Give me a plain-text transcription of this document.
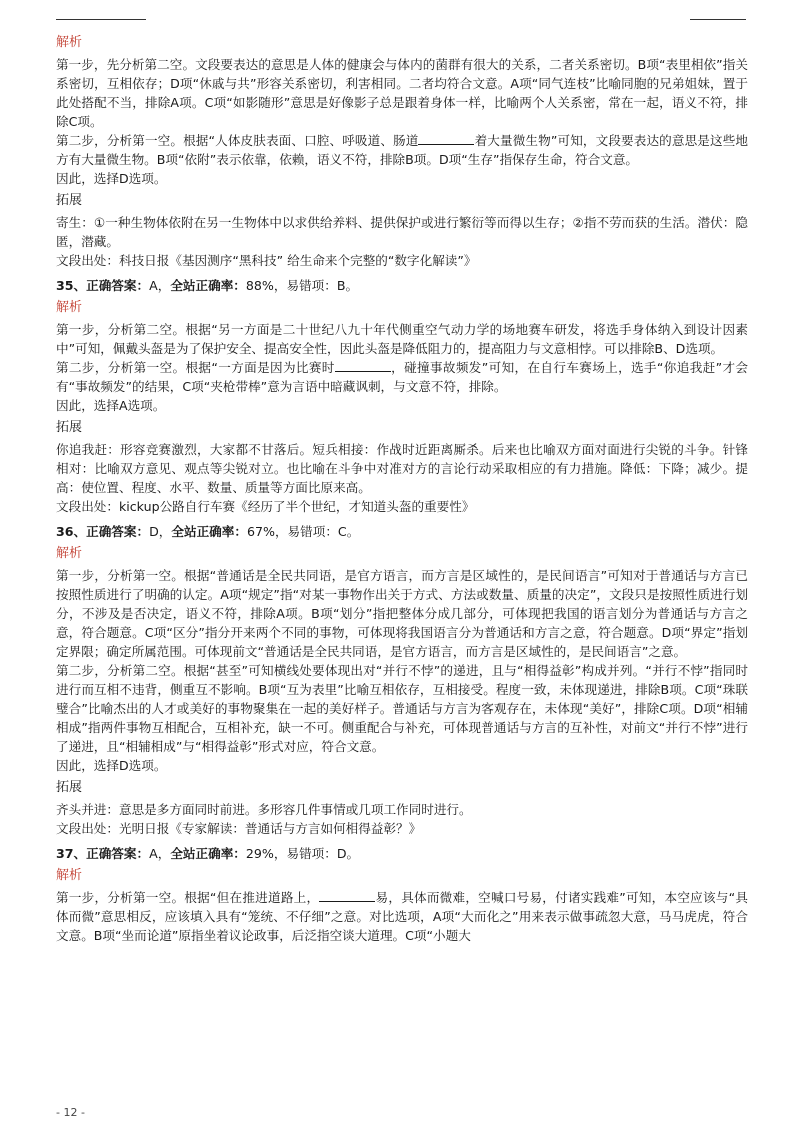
解析

第一步，先分析第二空。文段要表达的意思是人体的健康会与体内的菌群有很大的关系，二者关系密切。B项“表里相依”指关系密切，互相依存；D项“休戚与共”形容关系密切，利害相同。二者均符合文意。A项“同气连枝”比喻同胞的兄弟姐妹，置于此处搭配不当，排除A项。C项“如影随形”意思是好像影子总是跟着身体一样，比喻两个人关系密，常在一起，语义不符，排除C项。

第二步，分析第一空。根据“人体皮肤表面、口腔、呼吸道、肠道	着大量微生物”可知，文段要表达的意思是这些地方有大量微生物。B项“依附”表示依靠，依赖，语义不符，排除B项。D项“生存”指保存生命，符合文意。

因此，选择D选项。

拓展

寄生：①一种生物体依附在另一生物体中以求供给养料、提供保护或进行繁衍等而得以生存；②指不劳而获的生活。潜伏：隐匿，潜藏。

文段出处：科技日报《基因测序“黑科技” 给生命来个完整的“数字化解读”》

35、正确答案：A，全站正确率：88%，易错项：B。
解析

第一步，分析第二空。根据“另一方面是二十世纪八九十年代侧重空气动力学的场地赛车研发，将选手身体纳入到设计因素中”可知，佩戴头盔是为了保护安全、提高安全性，因此头盔是降低阻力的，提高阻力与文意相悖。可以排除B、D选项。

第二步，分析第一空。根据“一方面是因为比赛时	，碰撞事故频发”可知，在自行车赛场上，选手“你追我赶”才会有“事故频发”的结果，C项“夹枪带棒”意为言语中暗藏讽刺，与文意不符，排除。

因此，选择A选项。

拓展

你追我赶：形容竞赛激烈，大家都不甘落后。短兵相接：作战时近距离厮杀。后来也比喻双方面对面进行尖锐的斗争。针锋相对：比喻双方意见、观点等尖锐对立。也比喻在斗争中对准对方的言论行动采取相应的有力措施。降低：下降；减少。提高：使位置、程度、水平、数量、质量等方面比原来高。

文段出处：kickup公路自行车赛《经历了半个世纪，才知道头盔的重要性》

36、正确答案：D，全站正确率：67%，易错项：C。
解析

第一步，分析第一空。根据“普通话是全民共同语，是官方语言，而方言是区域性的，是民间语言”可知对于普通话与方言已按照性质进行了明确的认定。A项“规定”指“对某一事物作出关于方式、方法或数量、质量的决定”，文段只是按照性质进行划分，不涉及是否决定，语义不符，排除A项。B项“划分”指把整体分成几部分，可体现把我国的语言划分为普通话与方言之意，符合题意。C项“区分”指分开来两个不同的事物，可体现将我国语言分为普通话和方言之意，符合题意。D项“界定”指划定界限；确定所属范围。可体现前文“普通话是全民共同语，是官方语言，而方言是区域性的，是民间语言”之意。

第二步，分析第二空。根据“甚至”可知横线处要体现出对“并行不悖”的递进，且与“相得益彰”构成并列。“并行不悖”指同时进行而互相不违背，侧重互不影响。B项“互为表里”比喻互相依存，互相接受。程度一致，未体现递进，排除B项。C项“珠联璧合”比喻杰出的人才或美好的事物聚集在一起的美好样子。普通话与方言为客观存在，未体现“美好”，排除C项。D项“相辅相成”指两件事物互相配合，互相补充，缺一不可。侧重配合与补充，可体现普通话与方言的互补性，对前文“并行不悖”进行了递进，且“相辅相成”与“相得益彰”形式对应，符合文意。

因此，选择D选项。

拓展

齐头并进：意思是多方面同时前进。多形容几件事情或几项工作同时进行。

文段出处：光明日报《专家解读：普通话与方言如何相得益彰？》

37、正确答案：A，全站正确率：29%，易错项：D。
解析

第一步，分析第一空。根据“但在推进道路上，	易，具体而微难，空喊口号易，付诸实践难”可知，本空应该与“具体而微”意思相反，应该填入具有“笼统、不仔细”之意。对比选项，A项“大而化之”用来表示做事疏忽大意，马马虎虎，符合文意。B项“坐而论道”原指坐着议论政事，后泛指空谈大道理。C项“小题大

- 12 -
